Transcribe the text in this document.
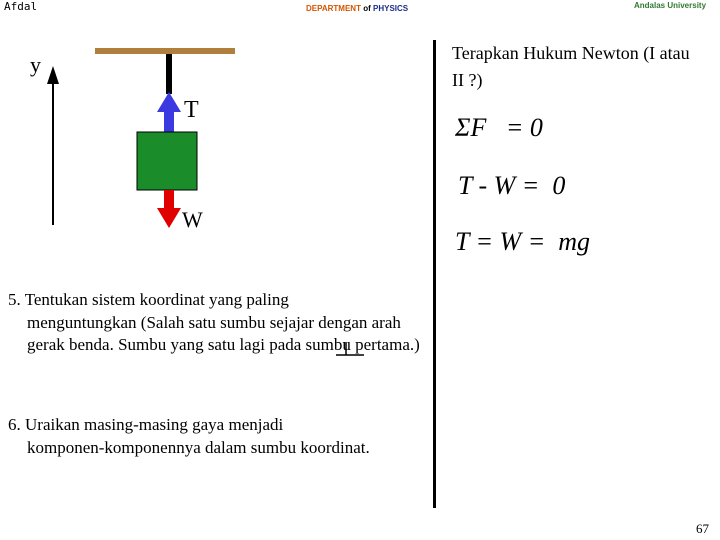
Afdal	DEPARTMENT of PHYSICS	Andalas University
y
T
W
Terapkan Hukum Newton (I atau II ?)
ΣF   = 0
T - W =  0
T = W =  mg
5. Tentukan sistem koordinat yang paling
menguntungkan (Salah satu sumbu sejajar dengan arah gerak benda. Sumbu yang satu lagi pada sumbu pertama.)
6. Uraikan masing-masing gaya menjadi
komponen-komponennya dalam sumbu koordinat.
67
